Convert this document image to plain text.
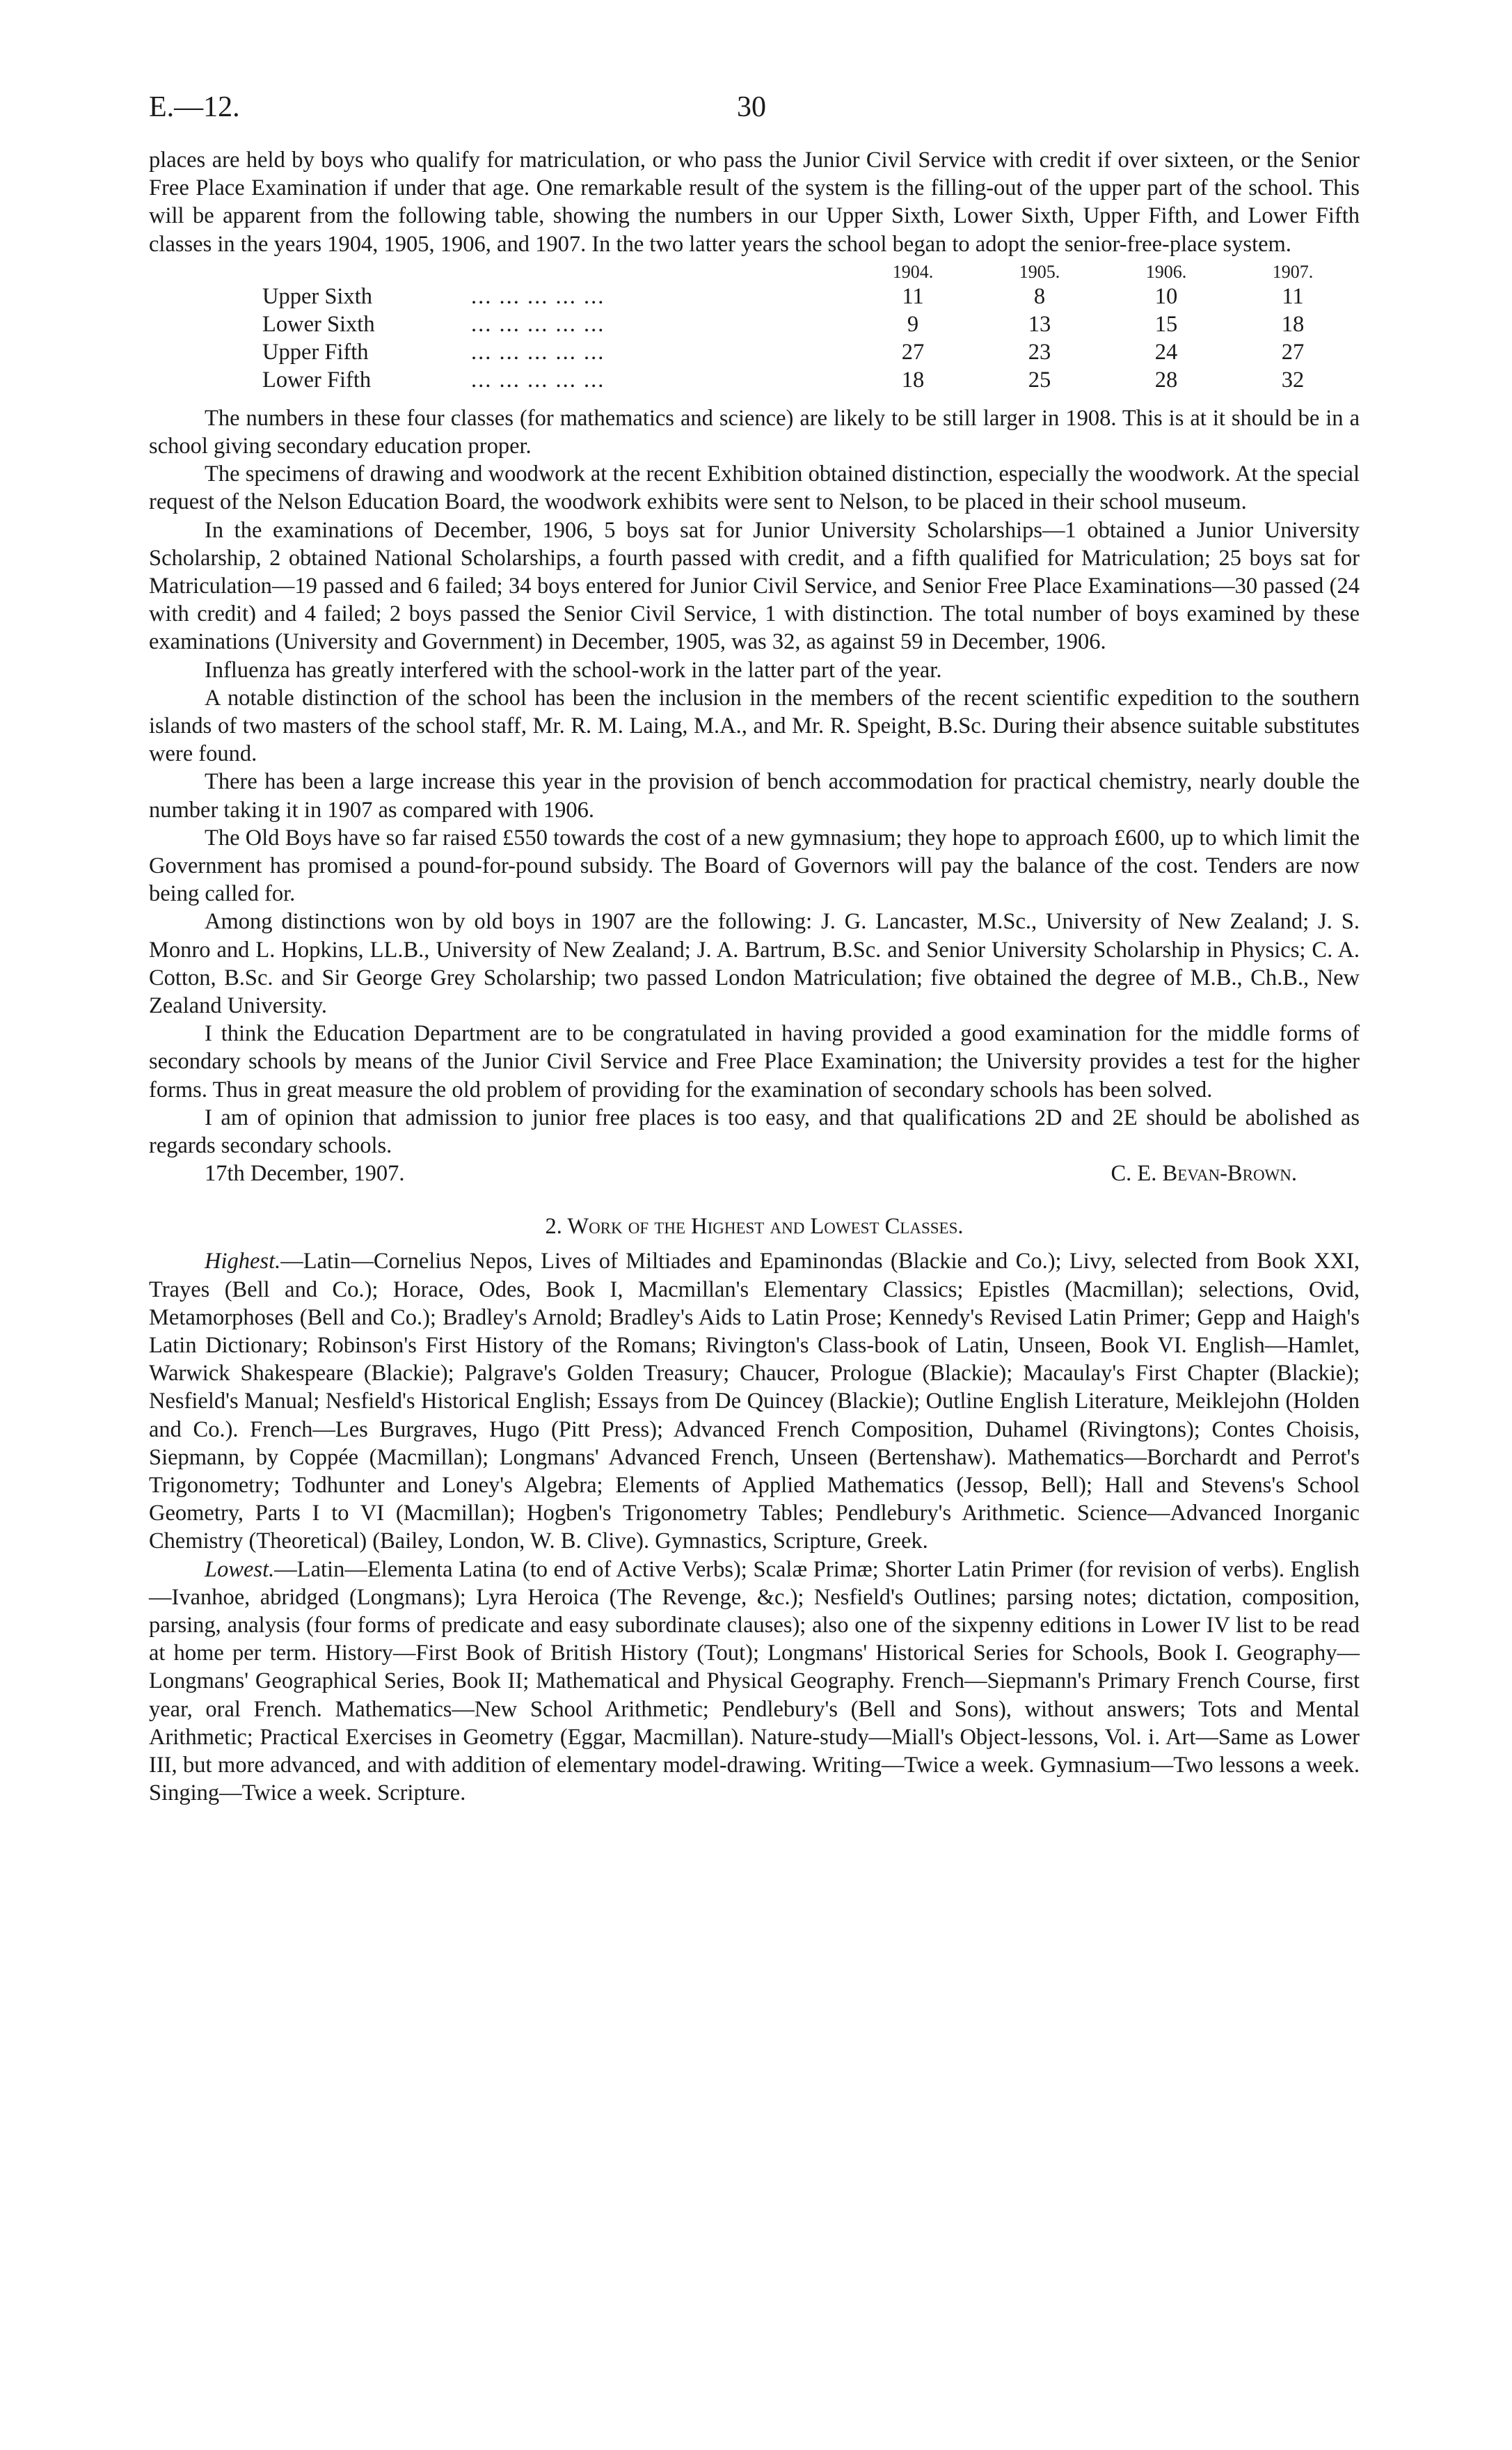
E.—12.	30

places are held by boys who qualify for matriculation, or who pass the Junior Civil Service with credit if over sixteen, or the Senior Free Place Examination if under that age. One remarkable result of the system is the filling-out of the upper part of the school. This will be apparent from the following table, showing the numbers in our Upper Sixth, Lower Sixth, Upper Fifth, and Lower Fifth classes in the years 1904, 1905, 1906, and 1907. In the two latter years the school began to adopt the senior-free-place system.

		1904.	1905.	1906.	1907.
Upper Sixth	... ... ... ... ...	11	8	10	11
Lower Sixth	... ... ... ... ...	9	13	15	18
Upper Fifth	... ... ... ... ...	27	23	24	27
Lower Fifth	... ... ... ... ...	18	25	28	32

The numbers in these four classes (for mathematics and science) are likely to be still larger in 1908. This is at it should be in a school giving secondary education proper.

The specimens of drawing and woodwork at the recent Exhibition obtained distinction, especially the woodwork. At the special request of the Nelson Education Board, the woodwork exhibits were sent to Nelson, to be placed in their school museum.

In the examinations of December, 1906, 5 boys sat for Junior University Scholarships—1 obtained a Junior University Scholarship, 2 obtained National Scholarships, a fourth passed with credit, and a fifth qualified for Matriculation; 25 boys sat for Matriculation—19 passed and 6 failed; 34 boys entered for Junior Civil Service, and Senior Free Place Examinations—30 passed (24 with credit) and 4 failed; 2 boys passed the Senior Civil Service, 1 with distinction. The total number of boys examined by these examinations (University and Government) in December, 1905, was 32, as against 59 in December, 1906.

Influenza has greatly interfered with the school-work in the latter part of the year.

A notable distinction of the school has been the inclusion in the members of the recent scientific expedition to the southern islands of two masters of the school staff, Mr. R. M. Laing, M.A., and Mr. R. Speight, B.Sc. During their absence suitable substitutes were found.

There has been a large increase this year in the provision of bench accommodation for practical chemistry, nearly double the number taking it in 1907 as compared with 1906.

The Old Boys have so far raised £550 towards the cost of a new gymnasium; they hope to approach £600, up to which limit the Government has promised a pound-for-pound subsidy. The Board of Governors will pay the balance of the cost. Tenders are now being called for.

Among distinctions won by old boys in 1907 are the following: J. G. Lancaster, M.Sc., University of New Zealand; J. S. Monro and L. Hopkins, LL.B., University of New Zealand; J. A. Bartrum, B.Sc. and Senior University Scholarship in Physics; C. A. Cotton, B.Sc. and Sir George Grey Scholarship; two passed London Matriculation; five obtained the degree of M.B., Ch.B., New Zealand University.

I think the Education Department are to be congratulated in having provided a good examination for the middle forms of secondary schools by means of the Junior Civil Service and Free Place Examination; the University provides a test for the higher forms. Thus in great measure the old problem of providing for the examination of secondary schools has been solved.

I am of opinion that admission to junior free places is too easy, and that qualifications 2D and 2E should be abolished as regards secondary schools.

17th December, 1907.	C. E. Bevan-Brown.
2. Work of the Highest and Lowest Classes.

Highest.—Latin—Cornelius Nepos, Lives of Miltiades and Epaminondas (Blackie and Co.); Livy, selected from Book XXI, Trayes (Bell and Co.); Horace, Odes, Book I, Macmillan's Elementary Classics; Epistles (Macmillan); selections, Ovid, Metamorphoses (Bell and Co.); Bradley's Arnold; Bradley's Aids to Latin Prose; Kennedy's Revised Latin Primer; Gepp and Haigh's Latin Dictionary; Robinson's First History of the Romans; Rivington's Class-book of Latin, Unseen, Book VI. English—Hamlet, Warwick Shakespeare (Blackie); Palgrave's Golden Treasury; Chaucer, Prologue (Blackie); Macaulay's First Chapter (Blackie); Nesfield's Manual; Nesfield's Historical English; Essays from De Quincey (Blackie); Outline English Literature, Meiklejohn (Holden and Co.). French—Les Burgraves, Hugo (Pitt Press); Advanced French Composition, Duhamel (Rivingtons); Contes Choisis, Siepmann, by Coppée (Macmillan); Longmans' Advanced French, Unseen (Bertenshaw). Mathematics—Borchardt and Perrot's Trigonometry; Todhunter and Loney's Algebra; Elements of Applied Mathematics (Jessop, Bell); Hall and Stevens's School Geometry, Parts I to VI (Macmillan); Hogben's Trigonometry Tables; Pendlebury's Arithmetic. Science—Advanced Inorganic Chemistry (Theoretical) (Bailey, London, W. B. Clive). Gymnastics, Scripture, Greek.

Lowest.—Latin—Elementa Latina (to end of Active Verbs); Scalæ Primæ; Shorter Latin Primer (for revision of verbs). English—Ivanhoe, abridged (Longmans); Lyra Heroica (The Revenge, &c.); Nesfield's Outlines; parsing notes; dictation, composition, parsing, analysis (four forms of predicate and easy subordinate clauses); also one of the sixpenny editions in Lower IV list to be read at home per term. History—First Book of British History (Tout); Longmans' Historical Series for Schools, Book I. Geography—Longmans' Geographical Series, Book II; Mathematical and Physical Geography. French—Siepmann's Primary French Course, first year, oral French. Mathematics—New School Arithmetic; Pendlebury's (Bell and Sons), without answers; Tots and Mental Arithmetic; Practical Exercises in Geometry (Eggar, Macmillan). Nature-study—Miall's Object-lessons, Vol. i. Art—Same as Lower III, but more advanced, and with addition of elementary model-drawing. Writing—Twice a week. Gymnasium—Two lessons a week. Singing—Twice a week. Scripture.
